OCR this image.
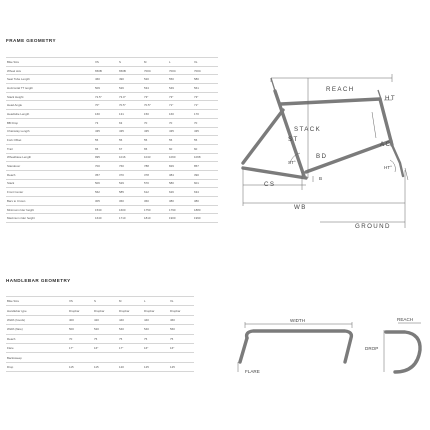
FRAME GEOMETRY
Bike Size	XS	S	M	L	XL
Wheel size	650B	650B	700C	700C	700C
Seat Tube Length	460	490	520	550	580
Horizontal TT length	509	526	534	549	561
Stack Height	72.5°	73.0°	73°	73°	73°
Head Angle	70°	70.5°	70.5°	71°	71°
Headtube Length	160	131	150	160	170
BB Drop	73	63	70	70	70
Chainstay Length	435	435	435	435	435
Fork Offset	55	55	55	55	55
Trail	65	67	65	60	60
Wheelbase Length	995	1016	1043	1060	1068
Standover	700	760	788	829	857
Reach	357	370	378	384	390
Stack	506	529	570	580	601
Front Center	562	585	612	626	634
Bars to Crown	305	360	360	380	380
Minimum rider height	1530	1600	1750	1790	1880
Maximum rider height	1640	1710	1810	1900	1990
HANDLEBAR GEOMETRY
Bike Size	XS	S	M	L	XL
Handlebar type	Dropbar	Dropbar	Dropbar	Dropbar	Dropbar
Width (hoods)	400	420	440	440	460
Width (flare)	500	520	540	540	560
Reach	70	75	75	75	75
Flare	17°	16°	17°	16°	16°
Backsweep					
Drop	115	115	120	125	125
REACH
HT
STACK
ST
ST°
AC
HT°
BD
CS
B
WB
GROUND
WIDTH	REACH
DROP
FLARE
